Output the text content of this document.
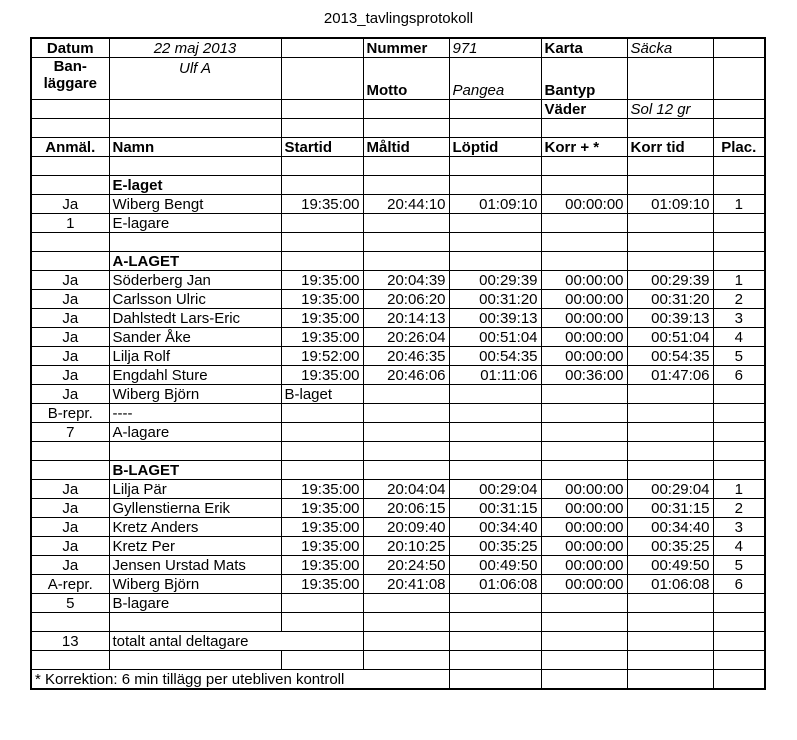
2013_tavlingsprotokoll
Datum	22 maj 2013		Nummer	971	Karta	Säcka	
Ban-läggare	Ulf A		Motto	Pangea	Bantyp		
					Väder	Sol 12 gr	

Anmäl.	Namn	Startid	Måltid	Löptid	Korr + *	Korr tid	Plac.

	E-laget						
Ja	Wiberg Bengt	19:35:00	20:44:10	01:09:10	00:00:00	01:09:10	1
1	E-lagare						

	A-LAGET						
Ja	Söderberg Jan	19:35:00	20:04:39	00:29:39	00:00:00	00:29:39	1
Ja	Carlsson Ulric	19:35:00	20:06:20	00:31:20	00:00:00	00:31:20	2
Ja	Dahlstedt Lars-Eric	19:35:00	20:14:13	00:39:13	00:00:00	00:39:13	3
Ja	Sander Åke	19:35:00	20:26:04	00:51:04	00:00:00	00:51:04	4
Ja	Lilja Rolf	19:52:00	20:46:35	00:54:35	00:00:00	00:54:35	5
Ja	Engdahl Sture	19:35:00	20:46:06	01:11:06	00:36:00	01:47:06	6
Ja	Wiberg Björn	B-laget					
B-repr.	----						
7	A-lagare						

	B-LAGET						
Ja	Lilja Pär	19:35:00	20:04:04	00:29:04	00:00:00	00:29:04	1
Ja	Gyllenstierna Erik	19:35:00	20:06:15	00:31:15	00:00:00	00:31:15	2
Ja	Kretz Anders	19:35:00	20:09:40	00:34:40	00:00:00	00:34:40	3
Ja	Kretz Per	19:35:00	20:10:25	00:35:25	00:00:00	00:35:25	4
Ja	Jensen Urstad Mats	19:35:00	20:24:50	00:49:50	00:00:00	00:49:50	5
A-repr.	Wiberg Björn	19:35:00	20:41:08	01:06:08	00:00:00	01:06:08	6
5	B-lagare						

13	totalt antal deltagare						

* Korrektion: 6 min tillägg per utebliven kontroll							
